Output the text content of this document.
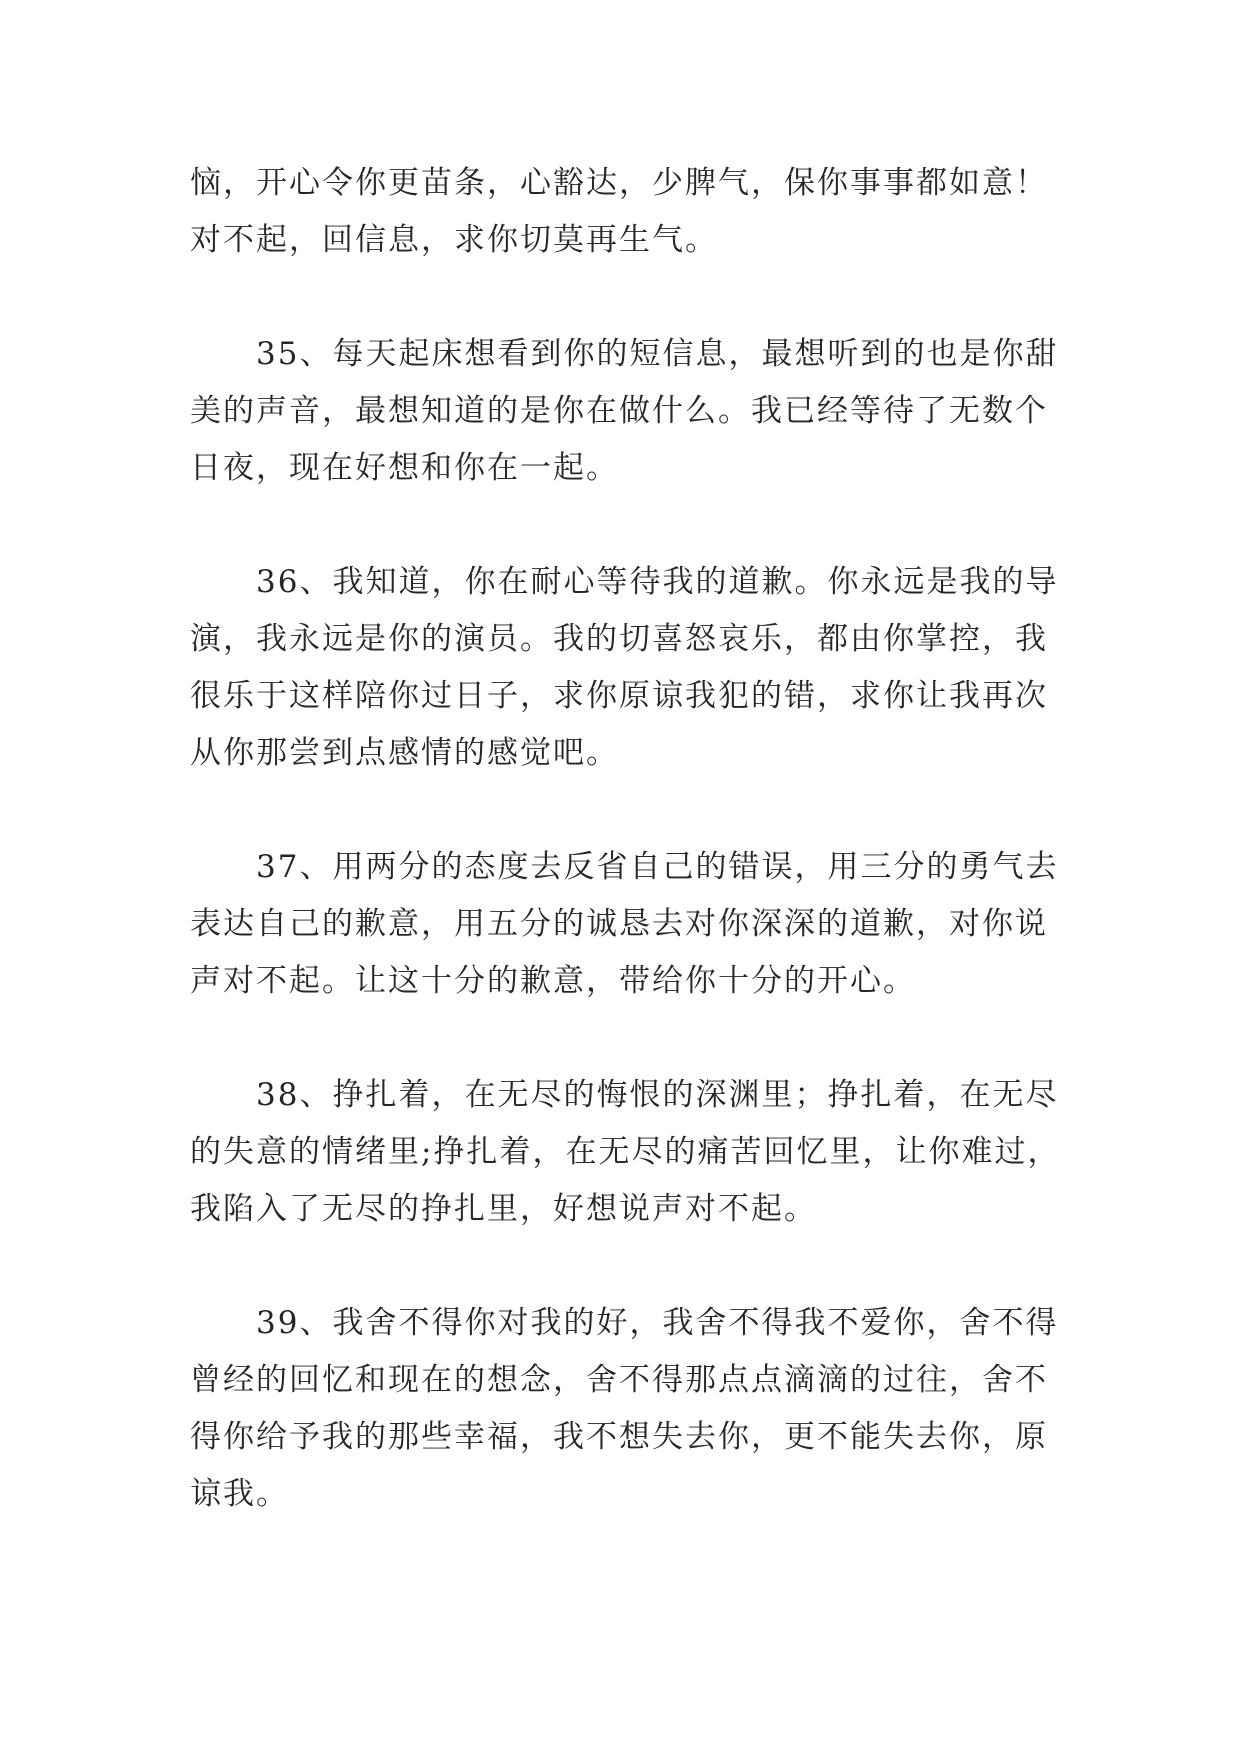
恼，开心令你更苗条，心豁达，少脾气，保你事事都如意！
对不起，回信息，求你切莫再生气。

35、每天起床想看到你的短信息，最想听到的也是你甜
美的声音，最想知道的是你在做什么。我已经等待了无数个
日夜，现在好想和你在一起。

36、我知道，你在耐心等待我的道歉。你永远是我的导
演，我永远是你的演员。我的切喜怒哀乐，都由你掌控，我
很乐于这样陪你过日子，求你原谅我犯的错，求你让我再次
从你那尝到点感情的感觉吧。

37、用两分的态度去反省自己的错误，用三分的勇气去
表达自己的歉意，用五分的诚恳去对你深深的道歉，对你说
声对不起。让这十分的歉意，带给你十分的开心。

38、挣扎着，在无尽的悔恨的深渊里；挣扎着，在无尽
的失意的情绪里;挣扎着，在无尽的痛苦回忆里，让你难过，
我陷入了无尽的挣扎里，好想说声对不起。

39、我舍不得你对我的好，我舍不得我不爱你，舍不得
曾经的回忆和现在的想念，舍不得那点点滴滴的过往，舍不
得你给予我的那些幸福，我不想失去你，更不能失去你，原
谅我。
